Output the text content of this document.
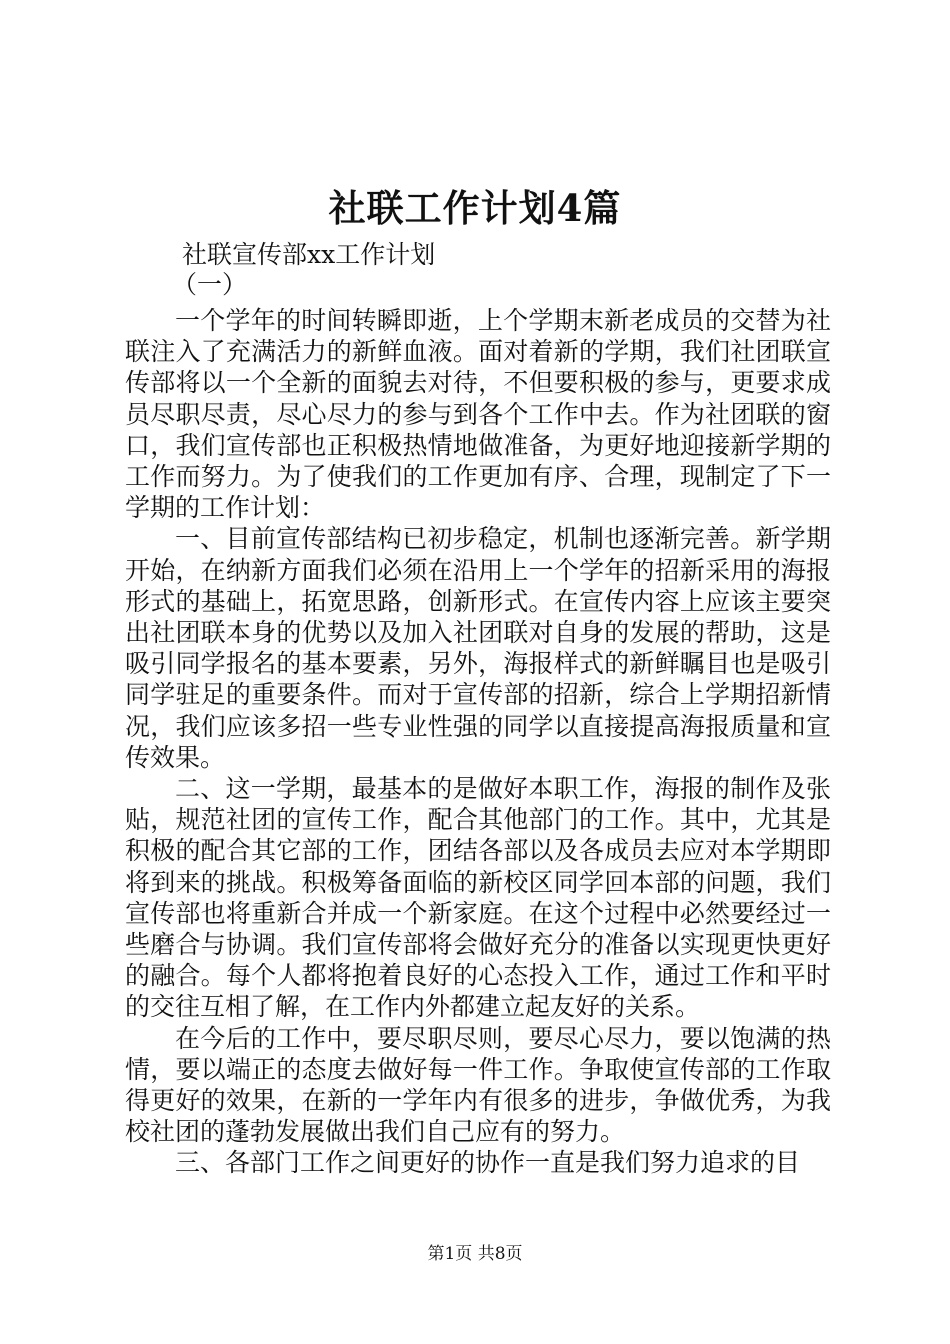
社联工作计划4篇
社联宣传部xx工作计划
（一）

一个学年的时间转瞬即逝，上个学期末新老成员的交替为社联注入了充满活力的新鲜血液。面对着新的学期，我们社团联宣传部将以一个全新的面貌去对待，不但要积极的参与，更要求成员尽职尽责，尽心尽力的参与到各个工作中去。作为社团联的窗口，我们宣传部也正积极热情地做准备，为更好地迎接新学期的工作而努力。为了使我们的工作更加有序、合理，现制定了下一学期的工作计划：

一、目前宣传部结构已初步稳定，机制也逐渐完善。新学期开始，在纳新方面我们必须在沿用上一个学年的招新采用的海报形式的基础上，拓宽思路，创新形式。在宣传内容上应该主要突出社团联本身的优势以及加入社团联对自身的发展的帮助，这是吸引同学报名的基本要素，另外，海报样式的新鲜瞩目也是吸引同学驻足的重要条件。而对于宣传部的招新，综合上学期招新情况，我们应该多招一些专业性强的同学以直接提高海报质量和宣传效果。

二、这一学期，最基本的是做好本职工作，海报的制作及张贴，规范社团的宣传工作，配合其他部门的工作。其中，尤其是积极的配合其它部的工作，团结各部以及各成员去应对本学期即将到来的挑战。积极筹备面临的新校区同学回本部的问题，我们宣传部也将重新合并成一个新家庭。在这个过程中必然要经过一些磨合与协调。我们宣传部将会做好充分的准备以实现更快更好的融合。每个人都将抱着良好的心态投入工作，通过工作和平时的交往互相了解，在工作内外都建立起友好的关系。

在今后的工作中，要尽职尽则，要尽心尽力，要以饱满的热情，要以端正的态度去做好每一件工作。争取使宣传部的工作取得更好的效果，在新的一学年内有很多的进步，争做优秀，为我校社团的蓬勃发展做出我们自己应有的努力。

三、各部门工作之间更好的协作一直是我们努力追求的目

第1页 共8页
